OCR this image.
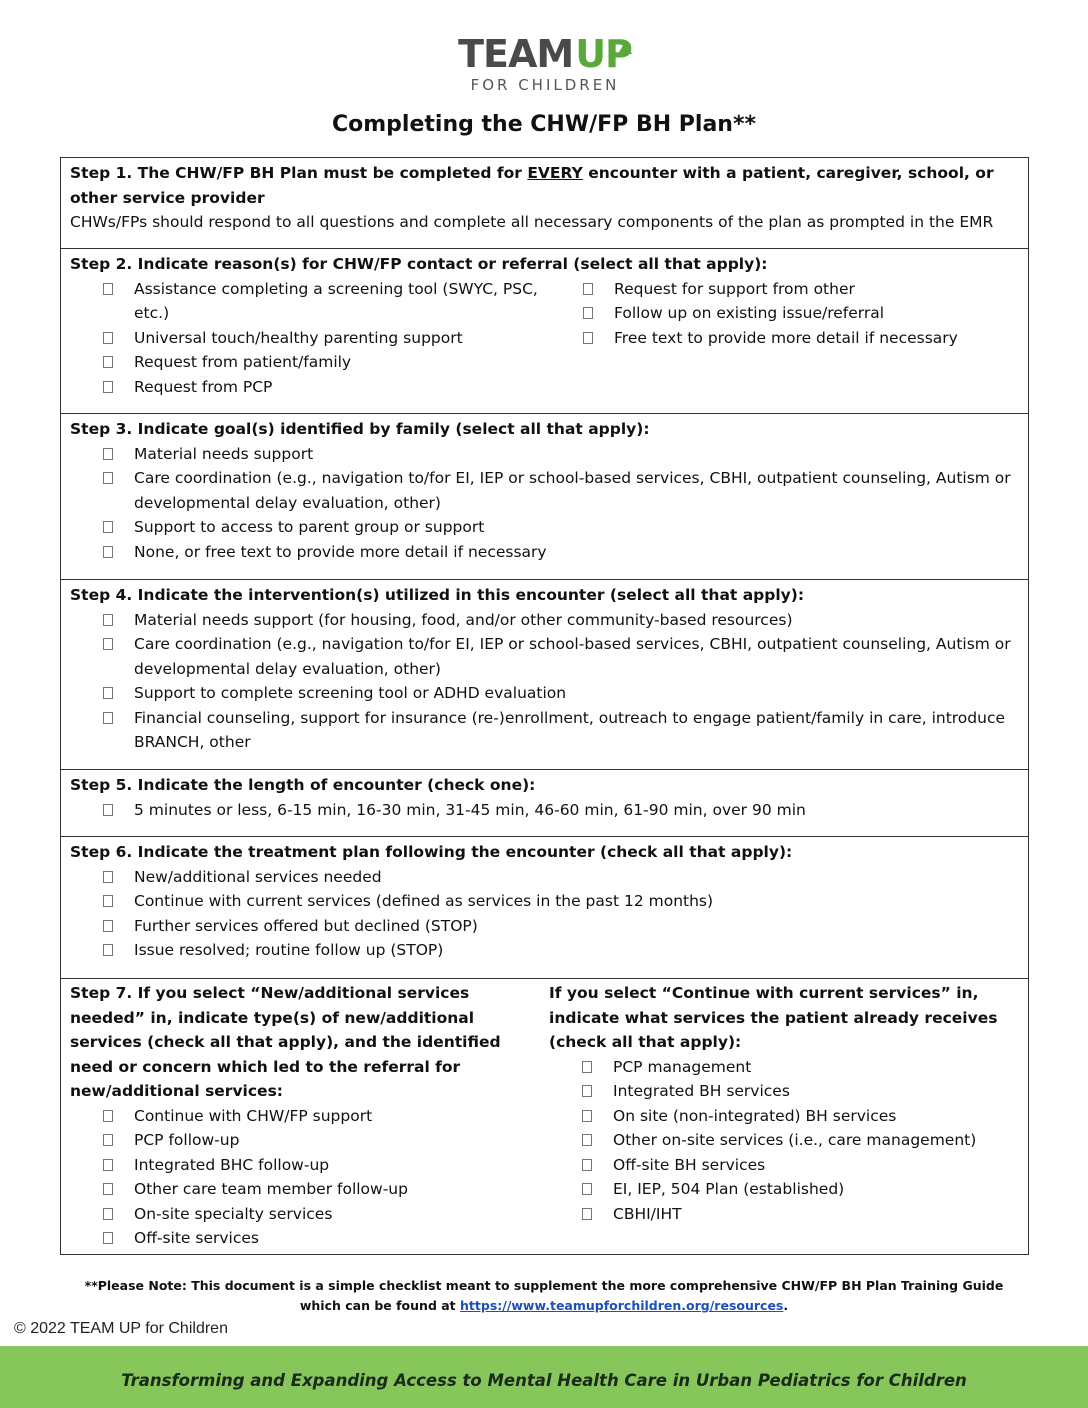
TEAM UP
FOR CHILDREN
Completing the CHW/FP BH Plan**
Step 1. The CHW/FP BH Plan must be completed for EVERY encounter with a patient, caregiver, school, or other service provider
CHWs/FPs should respond to all questions and complete all necessary components of the plan as prompted in the EMR
Step 2. Indicate reason(s) for CHW/FP contact or referral (select all that apply):
Assistance completing a screening tool (SWYC, PSC, etc.)
Universal touch/healthy parenting support
Request from patient/family
Request from PCP
Request for support from other
Follow up on existing issue/referral
Free text to provide more detail if necessary
Step 3. Indicate goal(s) identified by family (select all that apply):
Material needs support
Care coordination (e.g., navigation to/for EI, IEP or school-based services, CBHI, outpatient counseling, Autism or developmental delay evaluation, other)
Support to access to parent group or support
None, or free text to provide more detail if necessary
Step 4. Indicate the intervention(s) utilized in this encounter (select all that apply):
Material needs support (for housing, food, and/or other community-based resources)
Care coordination (e.g., navigation to/for EI, IEP or school-based services, CBHI, outpatient counseling, Autism or developmental delay evaluation, other)
Support to complete screening tool or ADHD evaluation
Financial counseling, support for insurance (re-)enrollment, outreach to engage patient/family in care, introduce BRANCH, other
Step 5. Indicate the length of encounter (check one):
5 minutes or less, 6-15 min, 16-30 min, 31-45 min, 46-60 min, 61-90 min, over 90 min
Step 6. Indicate the treatment plan following the encounter (check all that apply):
New/additional services needed
Continue with current services (defined as services in the past 12 months)
Further services offered but declined (STOP)
Issue resolved; routine follow up (STOP)
Step 7. If you select “New/additional services needed” in, indicate type(s) of new/additional services (check all that apply), and the identified need or concern which led to the referral for new/additional services:
Continue with CHW/FP support
PCP follow-up
Integrated BHC follow-up
Other care team member follow-up
On-site specialty services
Off-site services
If you select “Continue with current services” in, indicate what services the patient already receives (check all that apply):
PCP management
Integrated BH services
On site (non-integrated) BH services
Other on-site services (i.e., care management)
Off-site BH services
EI, IEP, 504 Plan (established)
CBHI/IHT
**Please Note: This document is a simple checklist meant to supplement the more comprehensive CHW/FP BH Plan Training Guide
which can be found at https://www.teamupforchildren.org/resources.
© 2022 TEAM UP for Children
Transforming and Expanding Access to Mental Health Care in Urban Pediatrics for Children
